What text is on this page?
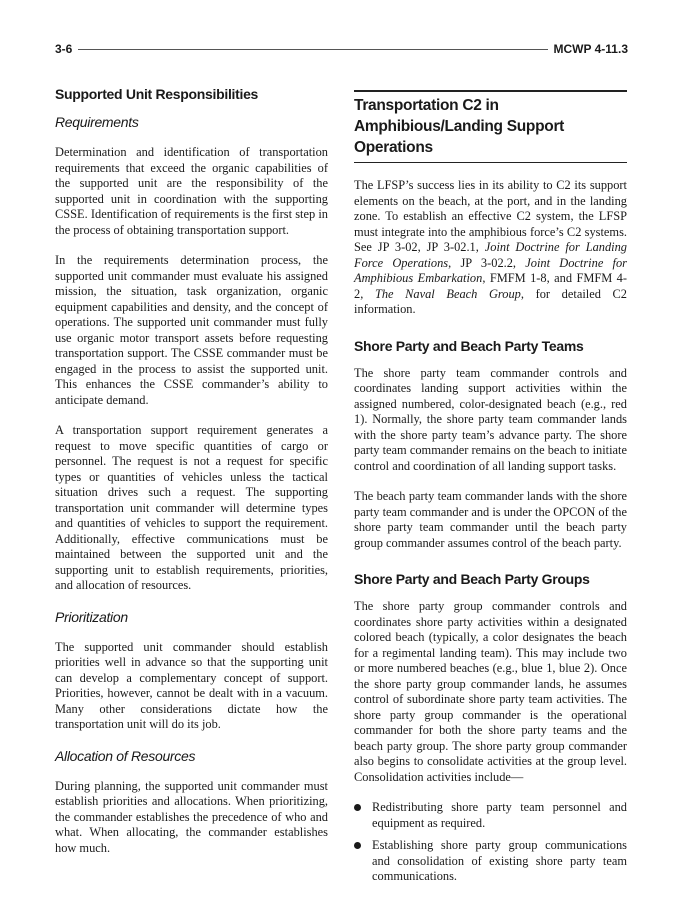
3-6	MCWP 4-11.3
Supported Unit Responsibilities
Requirements

Determination and identification of transportation requirements that exceed the organic capabilities of the supported unit are the responsibility of the supported unit in coordination with the supporting CSSE. Identification of requirements is the first step in the process of obtaining transportation support.

In the requirements determination process, the supported unit commander must evaluate his assigned mission, the situation, task organization, organic equipment capabilities and density, and the concept of operations. The supported unit commander must fully use organic motor transport assets before requesting transportation support. The CSSE commander must be engaged in the process to assist the supported unit. This enhances the CSSE commander’s ability to anticipate demand.

A transportation support requirement generates a request to move specific quantities of cargo or personnel. The request is not a request for specific types or quantities of vehicles unless the tactical situation drives such a request. The supporting transportation unit commander will determine types and quantities of vehicles to support the requirement. Additionally, effective communications must be maintained between the supported unit and the supporting unit to establish requirements, priorities, and allocation of resources.

Prioritization

The supported unit commander should establish priorities well in advance so that the supporting unit can develop a complementary concept of support. Priorities, however, cannot be dealt with in a vacuum. Many other considerations dictate how the transportation unit will do its job.

Allocation of Resources

During planning, the supported unit commander must establish priorities and allocations. When prioritizing, the commander establishes the precedence of who and what. When allocating, the commander establishes how much.

Transportation C2 in Amphibious/Landing Support Operations

The LFSP’s success lies in its ability to C2 its support elements on the beach, at the port, and in the landing zone. To establish an effective C2 system, the LFSP must integrate into the amphibious force’s C2 systems. See JP 3-02, JP 3-02.1, Joint Doctrine for Landing Force Operations, JP 3-02.2, Joint Doctrine for Amphibious Embarkation, FMFM 1-8, and FMFM 4-2, The Naval Beach Group, for detailed C2 information.

Shore Party and Beach Party Teams

The shore party team commander controls and coordinates landing support activities within the assigned numbered, color-designated beach (e.g., red 1). Normally, the shore party team commander lands with the shore party team’s advance party. The shore party team commander remains on the beach to initiate control and coordination of all landing support tasks.

The beach party team commander lands with the shore party team commander and is under the OPCON of the shore party team commander until the beach party group commander assumes control of the beach party.

Shore Party and Beach Party Groups

The shore party group commander controls and coordinates shore party activities within a designated colored beach (typically, a color designates the beach for a regimental landing team). This may include two or more numbered beaches (e.g., blue 1, blue 2). Once the shore party group commander lands, he assumes control of subordinate shore party team activities. The shore party group commander is the operational commander for both the shore party teams and the beach party group. The shore party group commander also begins to consolidate activities at the group level. Consolidation activities include—

Redistributing shore party team personnel and equipment as required.
Establishing shore party group communications and consolidation of existing shore party team communications.
